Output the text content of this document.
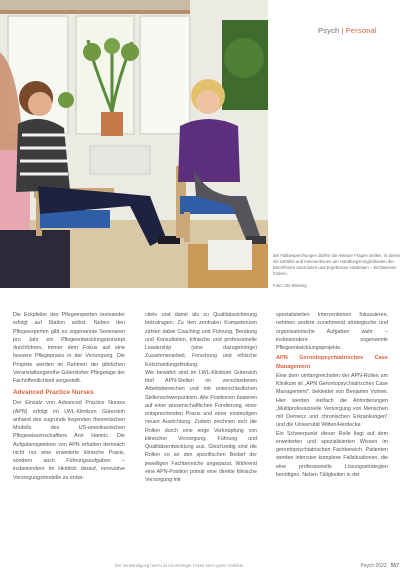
Psych | Personal
Bei Fallbesprechungen dürfen die Akteure Fragen stellen, in denen sie Gefühle und Interventionen um Handlungsmöglichkeiten der Betroffenen auszuloten und Ergebnisse erarbeiten – Sichtweisen fördern.
Foto: Ute Brüning

Die Eckpfeiler des Pflegeexperten ineinander erfolgt auf Station selbst. Neben den Pflegeexperten gibt es sogenannte Seminaren pro Jahr ein Pflegeentwicklungskonzept durchführen, immer dem Fokus auf eine bessere Pflegepraxis in der Versorgung. Die Projekte werden im Rahmen der jährlichen Veranstaltungsreihe Gütersloher Pflegetage der Fachöffentlichkeit vorgestellt.

Advanced Practice Nurses

Der Einsatz von Advanced Practice Nurses (APN) erfolgt im LWL-Klinikum Gütersloh anhand des zugrunde liegenden theoretischen Modells des US-amerikanischen Pflegewissenschaftlers Ann Hamric. Die Aufgabenspektren von APN erhalten demnach nicht nur eine erweiterte klinische Praxis, sondern auch Führungsaufgaben – insbesondere im Hinblick darauf, innovative Versorgungsmodelle zu entwi-

ckeln und damit als zu Qualitätssicherung beizutragen. Zu den zentralen Kompetenzen zählen dabei Coaching und Führung, Beratung und Konsultation, klinische und professionelle Leadership (eine dazugehörige) Zusammenarbeit, Forschung und ethische Entscheidungsfindung.

Wie bewährt sind im LWL-Klinikum Gütersloh fünf APN-Stellen im verschiedenen Arbeitsbereichen und mit unterschiedlichen Stellenschwerpunkten. Alle Positionen basieren auf einer wissenschaftlichen Fundierung, einer entsprechenden Praxis und einer eindeutigen neuen Ausrichtung. Zudem zeichnen sich die Rollen durch eine enge Verknüpfung von klinischer Versorgung, Führung und Qualitätsentwicklung aus. Gleichzeitig sind die Rollen so an den spezifischen Bedarf der jeweiligen Fachbereiche angepasst. Während eine APN-Position primär eine direkte klinische Versorgung mit

spezialisierten Interventionen fokussieren, nehmen andere zunehmend strategische und organisatorische Aufgaben wahr – insbesondere sogenannte Pflegeentwicklungsprojekte.

APN Gerontopsychiatrisches Case Management

Eine dem umfangreichsten der APN-Rollen am Klinikum ist „APN Gerontopsychiatrisches Case Management", bekleidet von Benjamin Volmer. Hier werden vielfach die Anforderungen „Multiprofessionelle Versorgung von Menschen mit Demenz und chronischen Erkrankungen" und die Universität Witten/Herdecke.

Ein Schwerpunkt dieser Rolle liegt auf dem erweiterten und spezialisierten Wissen im gerontopsychiatrischen Fachbereich. Patienten werden intensive komplexe Fallsituationen, die eine professionelle Lösungsstrategien benötigen. Neben Tätigkeiten in der

Die Verständigung hierzu ist ein wichtiger Faktor einer guten Vorbilde...	Psych 2022 557
